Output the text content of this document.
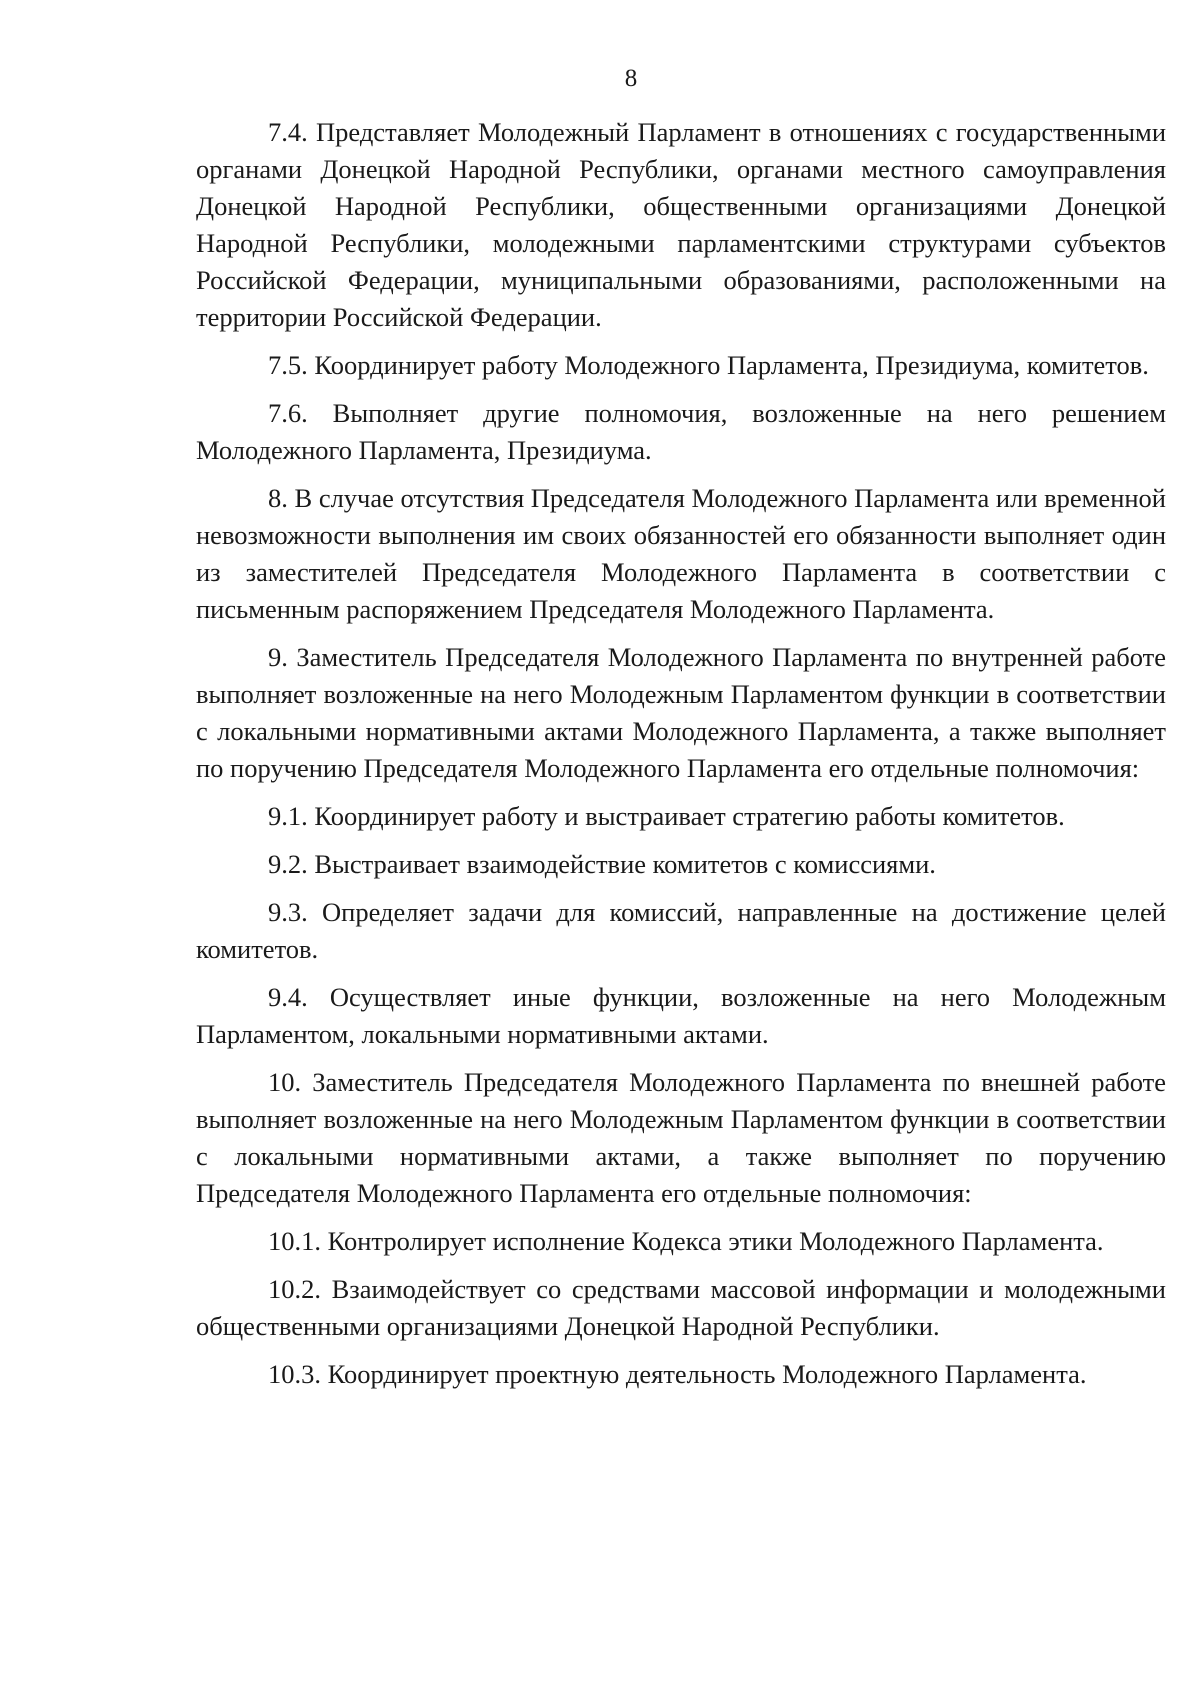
8

7.4. Представляет Молодежный Парламент в отношениях с государственными органами Донецкой Народной Республики, органами местного самоуправления Донецкой Народной Республики, общественными организациями Донецкой Народной Республики, молодежными парламентскими структурами субъектов Российской Федерации, муниципальными образованиями, расположенными на территории Российской Федерации.

7.5. Координирует работу Молодежного Парламента, Президиума, комитетов.

7.6. Выполняет другие полномочия, возложенные на него решением Молодежного Парламента, Президиума.

8. В случае отсутствия Председателя Молодежного Парламента или временной невозможности выполнения им своих обязанностей его обязанности выполняет один из заместителей Председателя Молодежного Парламента в соответствии с письменным распоряжением Председателя Молодежного Парламента.

9. Заместитель Председателя Молодежного Парламента по внутренней работе выполняет возложенные на него Молодежным Парламентом функции в соответствии с локальными нормативными актами Молодежного Парламента, а также выполняет по поручению Председателя Молодежного Парламента его отдельные полномочия:

9.1. Координирует работу и выстраивает стратегию работы комитетов.

9.2. Выстраивает взаимодействие комитетов с комиссиями.

9.3. Определяет задачи для комиссий, направленные на достижение целей комитетов.

9.4. Осуществляет иные функции, возложенные на него Молодежным Парламентом, локальными нормативными актами.

10. Заместитель Председателя Молодежного Парламента по внешней работе выполняет возложенные на него Молодежным Парламентом функции в соответствии с локальными нормативными актами, а также выполняет по поручению Председателя Молодежного Парламента его отдельные полномочия:

10.1. Контролирует исполнение Кодекса этики Молодежного Парламента.

10.2. Взаимодействует со средствами массовой информации и молодежными общественными организациями Донецкой Народной Республики.

10.3. Координирует проектную деятельность Молодежного Парламента.
